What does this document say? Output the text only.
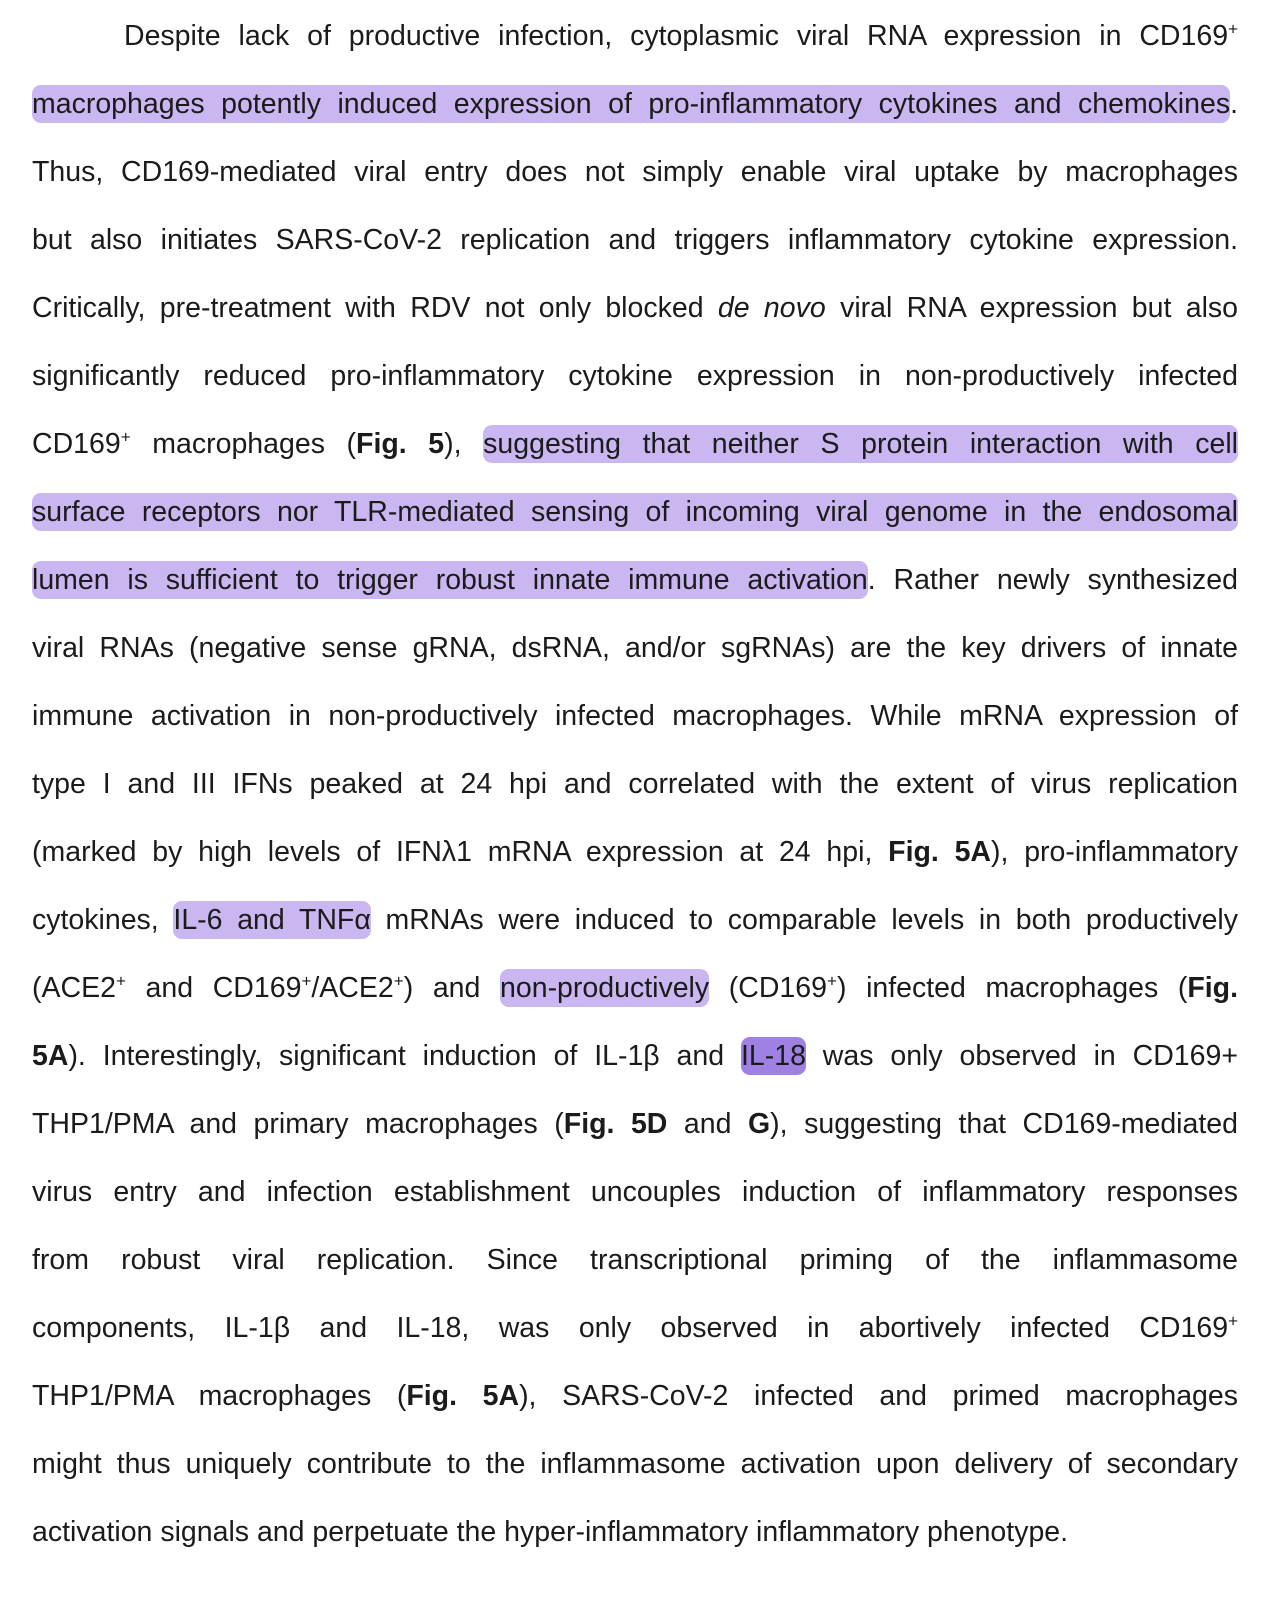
Despite lack of productive infection, cytoplasmic viral RNA expression in CD169+
macrophages potently induced expression of pro-inflammatory cytokines and chemokines.
Thus, CD169-mediated viral entry does not simply enable viral uptake by macrophages
but also initiates SARS-CoV-2 replication and triggers inflammatory cytokine expression.
Critically, pre-treatment with RDV not only blocked de novo viral RNA expression but also
significantly reduced pro-inflammatory cytokine expression in non-productively infected
CD169+ macrophages (Fig. 5), suggesting that neither S protein interaction with cell
surface receptors nor TLR-mediated sensing of incoming viral genome in the endosomal
lumen is sufficient to trigger robust innate immune activation. Rather newly synthesized
viral RNAs (negative sense gRNA, dsRNA, and/or sgRNAs) are the key drivers of innate
immune activation in non-productively infected macrophages. While mRNA expression of
type I and III IFNs peaked at 24 hpi and correlated with the extent of virus replication
(marked by high levels of IFNλ1 mRNA expression at 24 hpi, Fig. 5A), pro-inflammatory
cytokines, IL-6 and TNFα mRNAs were induced to comparable levels in both productively
(ACE2+ and CD169+/ACE2+) and non-productively (CD169+) infected macrophages (Fig.
5A). Interestingly, significant induction of IL-1β and IL-18 was only observed in CD169+
THP1/PMA and primary macrophages (Fig. 5D and G), suggesting that CD169-mediated
virus entry and infection establishment uncouples induction of inflammatory responses
from robust viral replication. Since transcriptional priming of the inflammasome
components, IL-1β and IL-18, was only observed in abortively infected CD169+
THP1/PMA macrophages (Fig. 5A), SARS-CoV-2 infected and primed macrophages
might thus uniquely contribute to the inflammasome activation upon delivery of secondary
activation signals and perpetuate the hyper-inflammatory inflammatory phenotype.
